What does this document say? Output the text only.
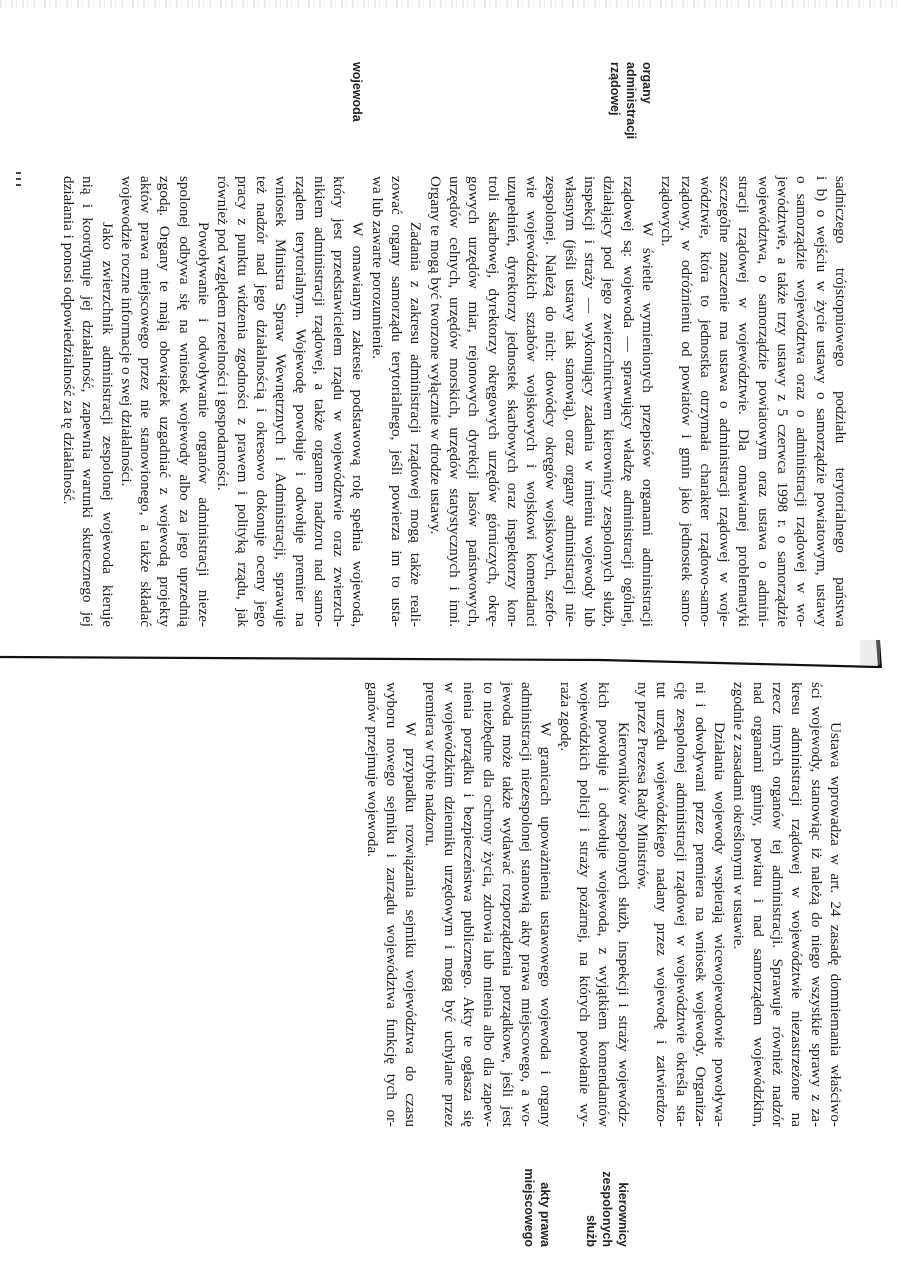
sadniczego trójstopniowego podziału terytorialnego państwa
i b) o wejściu w życie ustawy o samorządzie powiatowym, ustawy
o samorządzie województwa oraz o administracji rządowej w wo-
jewództwie, a także trzy ustawy z 5 czerwca 1998 r. o samorządzie
województwa, o samorządzie powiatowym oraz ustawa o admini-
stracji rządowej w województwie. Dla omawianej problematyki
szczególne znaczenie ma ustawa o administracji rządowej w woje-
wództwie, która to jednostka otrzymała charakter rządowo-samo-
rządowy, w odróżnieniu od powiatów i gmin jako jednostek samo-
rządowych.
W świetle wymienionych przepisów organami administracji
rządowej są: wojewoda — sprawujący władzę administracji ogólnej,
działający pod jego zwierzchnictwem kierownicy zespolonych służb,
inspekcji i straży — wykonujący zadania w imieniu wojewody lub
własnym (jeśli ustawy tak stanowią), oraz organy administracji nie-
zespolonej. Należą do nich: dowódcy okręgów wojskowych, szefo-
wie wojewódzkich sztabów wojskowych i wojskowi komendanci
uzupełnień, dyrektorzy jednostek skarbowych oraz inspektorzy kon-
troli skarbowej, dyrektorzy okręgowych urzędów górniczych, okrę-
gowych urzędów miar, rejonowych dyrekcji lasów państwowych,
urzędów celnych, urzędów morskich, urzędów statystycznych i inni.
Organy te mogą być tworzone wyłącznie w drodze ustawy.
Zadania z zakresu administracji rządowej mogą także reali-
zować organy samorządu terytorialnego, jeśli powierza im to usta-
wa lub zawarte porozumienie.
W omawianym zakresie podstawową rolę spełnia wojewoda,
który jest przedstawicielem rządu w województwie oraz zwierzch-
nikiem administracji rządowej, a także organem nadzoru nad samo-
rządem terytorialnym. Wojewodę powołuje i odwołuje premier na
wniosek Ministra Spraw Wewnętrznych i Administracji, sprawuje
też nadzór nad jego działalnością i okresowo dokonuje oceny jego
pracy z punktu widzenia zgodności z prawem i polityką rządu, jak
również pod względem rzetelności i gospodarności.
Powoływanie i odwoływanie organów administracji nieze-
spolonej odbywa się na wniosek wojewody albo za jego uprzednią
zgodą. Organy te mają obowiązek uzgadniać z wojewodą projekty
aktów prawa miejscowego przez nie stanowionego, a także składać
wojewodzie roczne informacje o swej działalności.
Jako zwierzchnik administracji zespolonej wojewoda kieruje
nią i koordynuje jej działalność, zapewnia warunki skutecznego jej
działania i ponosi odpowiedzialność za tę działalność.
organy
administracji
rządowej
wojewoda
Ustawa wprowadza w art. 24 zasadę domniemania właściwo-
ści wojewody, stanowiąc iż należą do niego wszystkie sprawy z za-
kresu administracji rządowej w województwie niezastrzeżone na
rzecz innych organów tej administracji. Sprawuje również nadzór
nad organami gminy, powiatu i nad samorządem wojewódzkim,
zgodnie z zasadami określonymi w ustawie.
Działania wojewody wspierają wicewojewodowie powoływa-
ni i odwoływani przez premiera na wniosek wojewody. Organiza-
cję zespolonej administracji rządowej w województwie określa sta-
tut urzędu wojewódzkiego nadany przez wojewodę i zatwierdzo-
ny przez Prezesa Rady Ministrów.
Kierowników zespolonych służb, inspekcji i straży wojewódz-
kich powołuje i odwołuje wojewoda, z wyjątkiem komendantów
wojewódzkich policji i straży pożarnej, na których powołanie wy-
raża zgodę.
W granicach upoważnienia ustawowego wojewoda i organy
administracji niezespolonej stanowią akty prawa miejscowego, a wo-
jewoda może także wydawać rozporządzenia porządkowe, jeśli jest
to niezbędne dla ochrony życia, zdrowia lub mienia albo dla zapew-
nienia porządku i bezpieczeństwa publicznego. Akty te ogłasza się
w wojewódzkim dzienniku urzędowym i mogą być uchylane przez
premiera w trybie nadzoru.
W przypadku rozwiązania sejmiku województwa do czasu
wyboru nowego sejmiku i zarządu województwa funkcję tych or-
ganów przejmuje wojewoda.
kierownicy
zespolonych
służb
akty prawa
miejscowego
